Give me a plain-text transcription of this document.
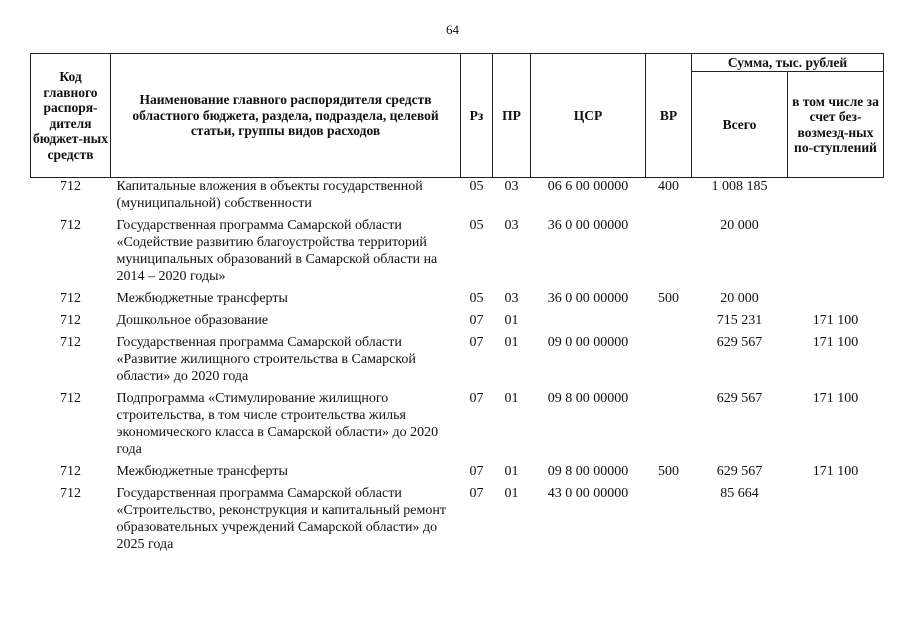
64
Код главного распоря-дителя бюджет-ных средств	Наименование главного распорядителя средств областного бюджета, раздела, подраздела, целевой статьи, группы видов расходов	Рз	ПР	ЦСР	ВР	Сумма, тыс. рублей	
						Всего	в том числе за счет без-возмезд-ных по-ступлений
712	Капитальные вложения в объекты государственной (муниципальной) собственности	05	03	06 6 00 00000	400	1 008 185	

712	Государственная программа Самарской области «Содействие развитию благоустройства территорий муниципальных образований в Самарской области на 2014 – 2020 годы»	05	03	36 0 00 00000		20 000	

712	Межбюджетные трансферты	05	03	36 0 00 00000	500	20 000	

712	Дошкольное образование	07	01			715 231	171 100

712	Государственная программа Самарской области «Развитие жилищного строительства в Самарской области» до 2020 года	07	01	09 0 00 00000		629 567	171 100

712	Подпрограмма «Стимулирование жилищного строительства, в том числе строительства жилья экономического класса в Самарской области» до 2020 года	07	01	09 8 00 00000		629 567	171 100

712	Межбюджетные трансферты	07	01	09 8 00 00000	500	629 567	171 100

712	Государственная программа Самарской области «Строительство, реконструкция и капитальный ремонт образовательных учреждений Самарской области» до 2025 года	07	01	43 0 00 00000		85 664	
